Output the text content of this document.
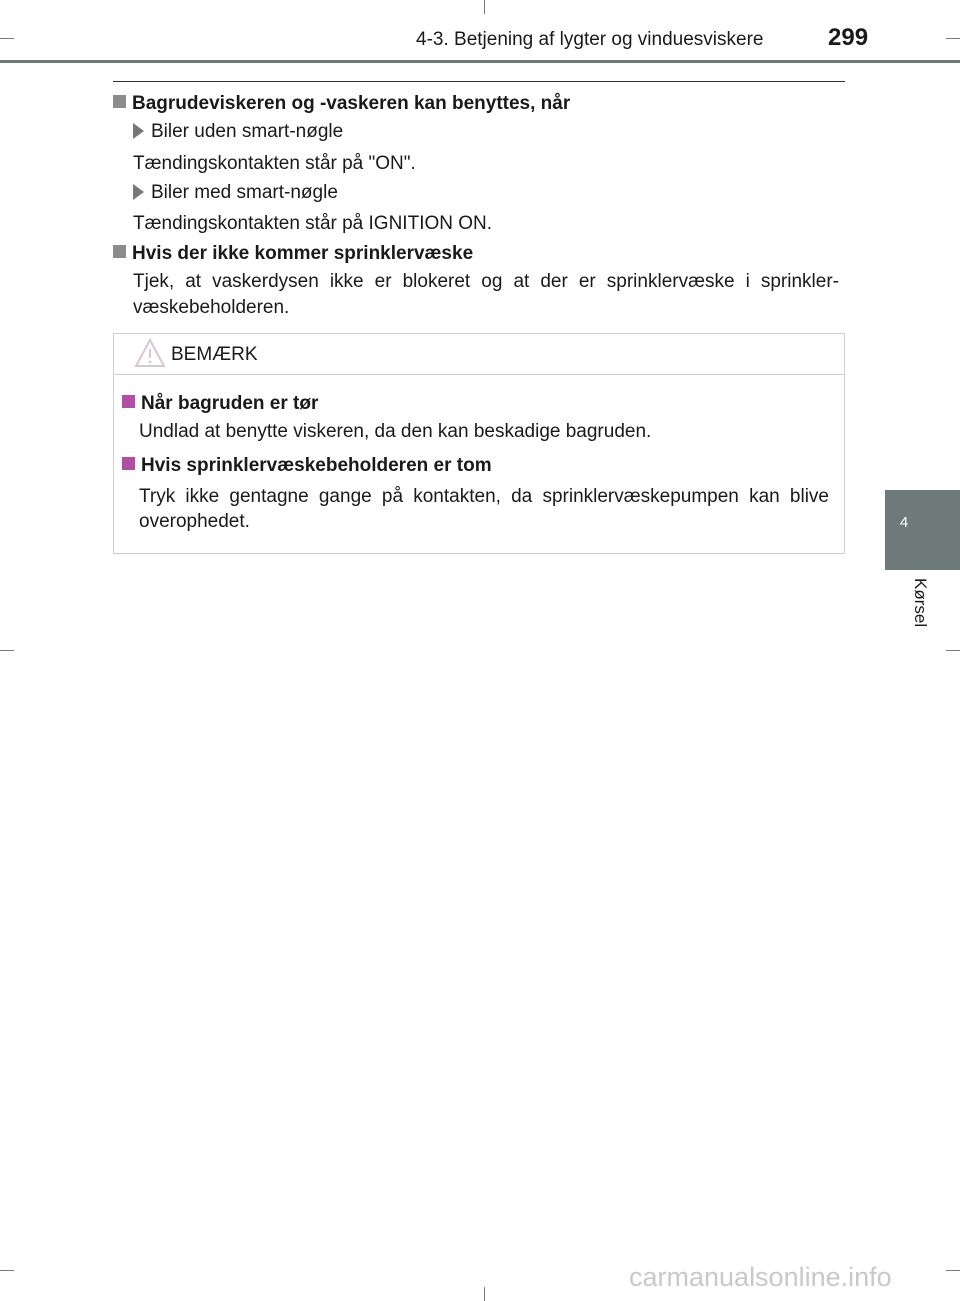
4-3. Betjening af lygter og vinduesviskere	299
4
Kørsel
Bagrudeviskeren og -vaskeren kan benyttes, når
Biler uden smart-nøgle
Tændingskontakten står på "ON".
Biler med smart-nøgle
Tændingskontakten står på IGNITION ON.
Hvis der ikke kommer sprinklervæske
Tjek, at vaskerdysen ikke er blokeret og at der er sprinklervæske i sprinkler-væskebeholderen.
BEMÆRK
Når bagruden er tør
Undlad at benytte viskeren, da den kan beskadige bagruden.
Hvis sprinklervæskebeholderen er tom
Tryk ikke gentagne gange på kontakten, da sprinklervæskepumpen kan blive overophedet.
carmanualsonline.info
